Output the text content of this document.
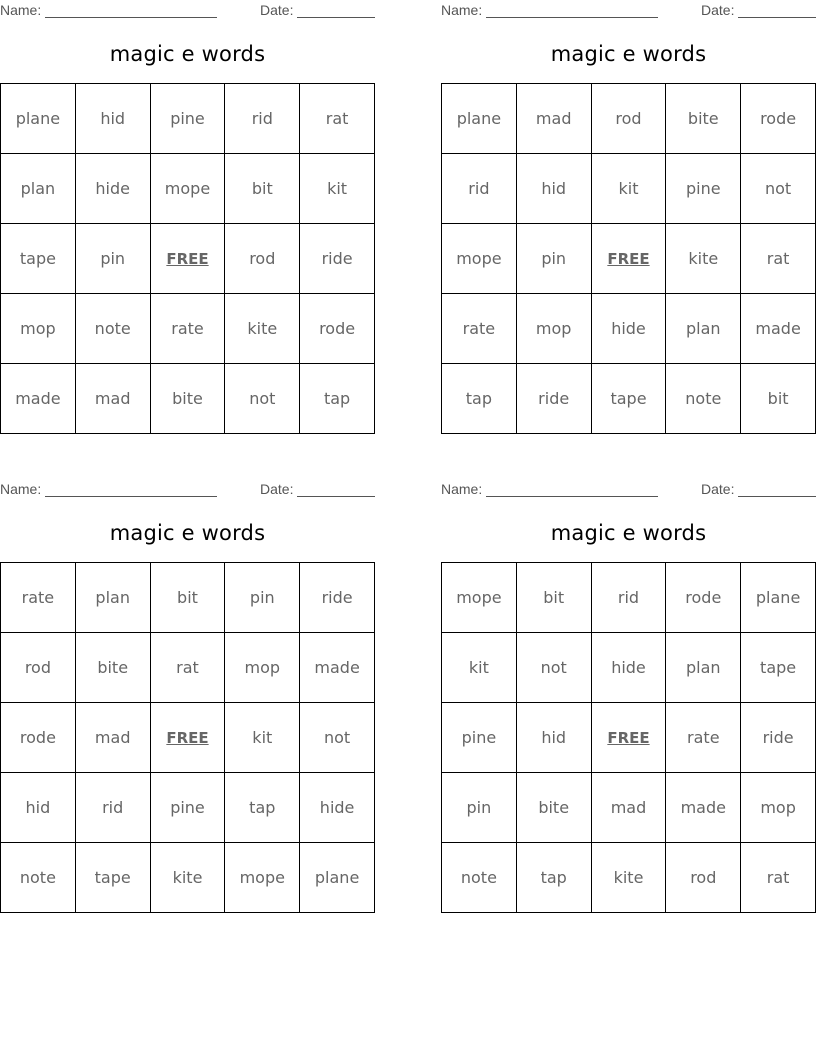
Name:	Date:
magic e words
plane	hid	pine	rid	rat
plan	hide	mope	bit	kit
tape	pin	FREE	rod	ride
mop	note	rate	kite	rode
made	mad	bite	not	tap
Name:	Date:
magic e words
plane	mad	rod	bite	rode
rid	hid	kit	pine	not
mope	pin	FREE	kite	rat
rate	mop	hide	plan	made
tap	ride	tape	note	bit
Name:	Date:
magic e words
rate	plan	bit	pin	ride
rod	bite	rat	mop	made
rode	mad	FREE	kit	not
hid	rid	pine	tap	hide
note	tape	kite	mope	plane
Name:	Date:
magic e words
mope	bit	rid	rode	plane
kit	not	hide	plan	tape
pine	hid	FREE	rate	ride
pin	bite	mad	made	mop
note	tap	kite	rod	rat
